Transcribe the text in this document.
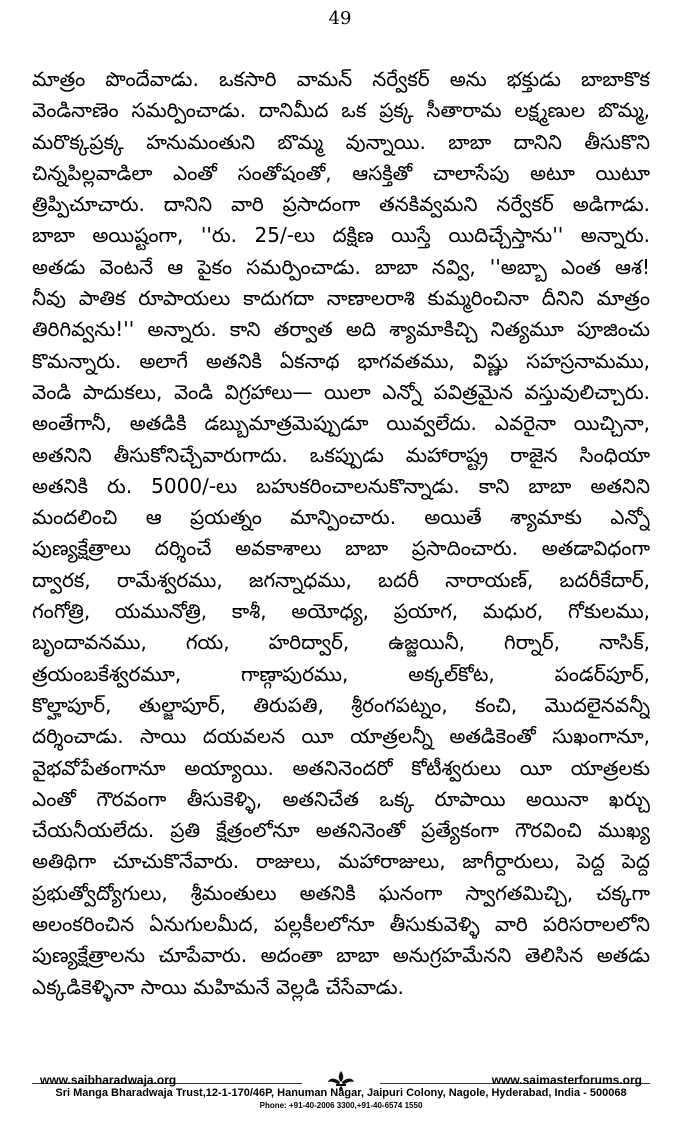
49
మాత్రం పొందేవాడు. ఒకసారి వామన్ నర్వేకర్ అను భక్తుడు బాబాకొక
వెండినాణెం సమర్పించాడు. దానిమీద ఒక ప్రక్క సీతారామ లక్ష్మణుల బొమ్మ,
మరొక్కప్రక్క హనుమంతుని బొమ్మ వున్నాయి. బాబా దానిని తీసుకొని
చిన్నపిల్లవాడిలా ఎంతో సంతోషంతో, ఆసక్తితో చాలాసేపు అటూ యిటూ
త్రిప్పిచూచారు. దానిని వారి ప్రసాదంగా తనకివ్వమని నర్వేకర్ అడిగాడు.
బాబా అయిష్టంగా, ''రు. 25/-లు దక్షిణ యిస్తే యిదిచ్చేస్తాను'' అన్నారు.
అతడు వెంటనే ఆ పైకం సమర్పించాడు. బాబా నవ్వి, ''అబ్బా ఎంత ఆశ!
నీవు పాతిక రూపాయలు కాదుగదా నాణాలరాశి కుమ్మరించినా దీనిని మాత్రం
తిరిగివ్వను!'' అన్నారు. కాని తర్వాత అది శ్యామాకిచ్చి నిత్యమూ పూజించు
కొమన్నారు. అలాగే అతనికి ఏకనాథ భాగవతము, విష్ణు సహస్రనామము,
వెండి పాదుకలు, వెండి విగ్రహాలు— యిలా ఎన్నో పవిత్రమైన వస్తువులిచ్చారు.
అంతేగానీ, అతడికి డబ్బుమాత్రమెప్పుడూ యివ్వలేదు. ఎవరైనా యిచ్చినా,
అతనిని తీసుకోనిచ్చేవారుగాదు. ఒకప్పుడు మహారాష్ట్ర రాజైన సింధియా
అతనికి రు. 5000/-లు బహుకరించాలనుకొన్నాడు. కాని బాబా అతనిని
మందలించి ఆ ప్రయత్నం మాన్పించారు. అయితే శ్యామాకు ఎన్నో
పుణ్యక్షేత్రాలు దర్శించే అవకాశాలు బాబా ప్రసాదించారు. అతడావిధంగా
ద్వారక, రామేశ్వరము, జగన్నాధము, బదరీ నారాయణ్, బదరీకేదార్,
గంగోత్రి, యమునోత్రి, కాశీ, అయోధ్య, ప్రయాగ, మధుర, గోకులము,
బృందావనము, గయ, హరిద్వార్, ఉజ్జయినీ, గిర్నార్, నాసిక్,
త్రయంబకేశ్వరమూ, గాణ్గాపురము, అక్కల్‌కోట, పండర్‌పూర్,
కొల్హాపూర్, తుల్జాపూర్, తిరుపతి, శ్రీరంగపట్నం, కంచి, మొదలైనవన్నీ
దర్శించాడు. సాయి దయవలన యీ యాత్రలన్నీ అతడికెంతో సుఖంగానూ,
వైభవోపేతంగానూ అయ్యాయి. అతనినెందరో కోటీశ్వరులు యీ యాత్రలకు
ఎంతో గౌరవంగా తీసుకెళ్ళి, అతనిచేత ఒక్క రూపాయి అయినా ఖర్చు
చేయనీయలేదు. ప్రతి క్షేత్రంలోనూ అతనినెంతో ప్రత్యేకంగా గౌరవించి ముఖ్య
అతిథిగా చూచుకొనేవారు. రాజులు, మహారాజులు, జాగీర్దారులు, పెద్ద పెద్ద
ప్రభుత్వోద్యోగులు, శ్రీమంతులు అతనికి ఘనంగా స్వాగతమిచ్చి, చక్కగా
అలంకరించిన ఏనుగులమీద, పల్లకీలలోనూ తీసుకువెళ్ళి వారి పరిసరాలలోని
పుణ్యక్షేత్రాలను చూపేవారు. అదంతా బాబా అనుగ్రహమేనని తెలిసిన అతడు
ఎక్కడికెళ్ళినా సాయి మహిమనే వెల్లడి చేసేవాడు.
www.saibharadwaja.org	www.saimasterforums.org
Sri Manga Bharadwaja Trust,12-1-170/46P, Hanuman Nagar, Jaipuri Colony, Nagole, Hyderabad, India - 500068
Phone: +91-40-2006 3300,+91-40-6574 1550
